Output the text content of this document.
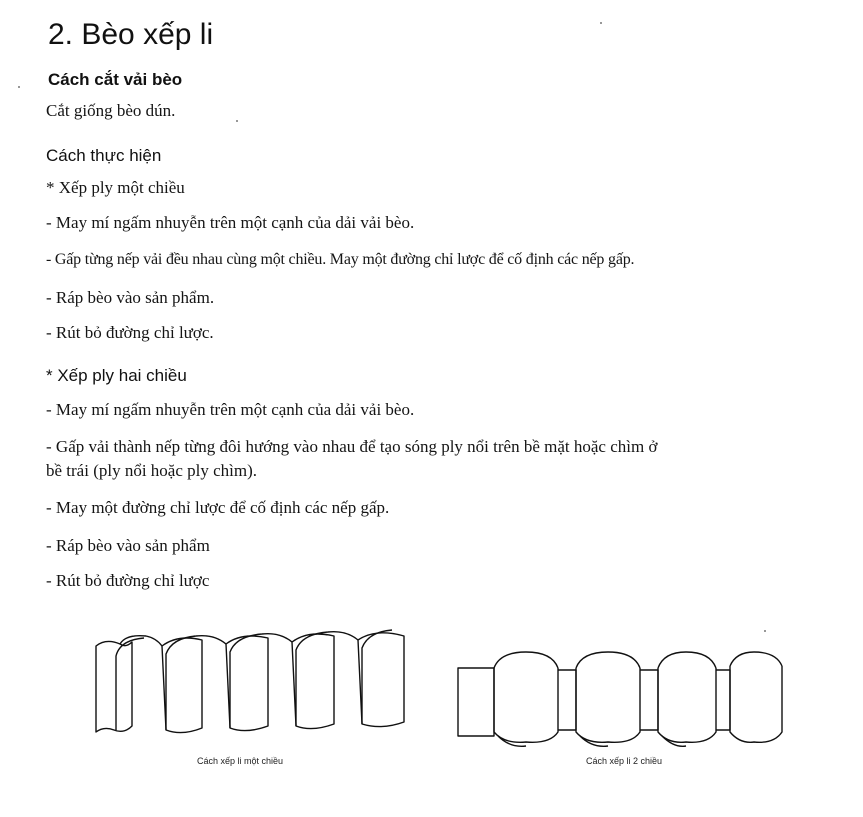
2. Bèo xếp li
Cách cắt vải bèo
Cắt giống bèo dún.
Cách thực hiện
* Xếp ply một chiều
- May mí ngấm nhuyễn trên một cạnh của dải vải bèo.
- Gấp từng nếp vải đều nhau cùng một chiều. May một đường chỉ lược để cố định các nếp gấp.
- Ráp bèo vào sản phẩm.
- Rút bỏ đường chỉ lược.
* Xếp ply hai chiều
- May mí ngấm nhuyễn trên một cạnh của dải vải bèo.
- Gấp vải thành nếp từng đôi hướng vào nhau để tạo sóng ply nổi trên bề mặt hoặc chìm ở
bề trái (ply nổi hoặc ply chìm).
- May một đường chỉ lược để cố định các nếp gấp.
- Ráp bèo vào sản phẩm
- Rút bỏ đường chỉ lược
Cách xếp li một chiều	Cách xếp li 2 chiều
